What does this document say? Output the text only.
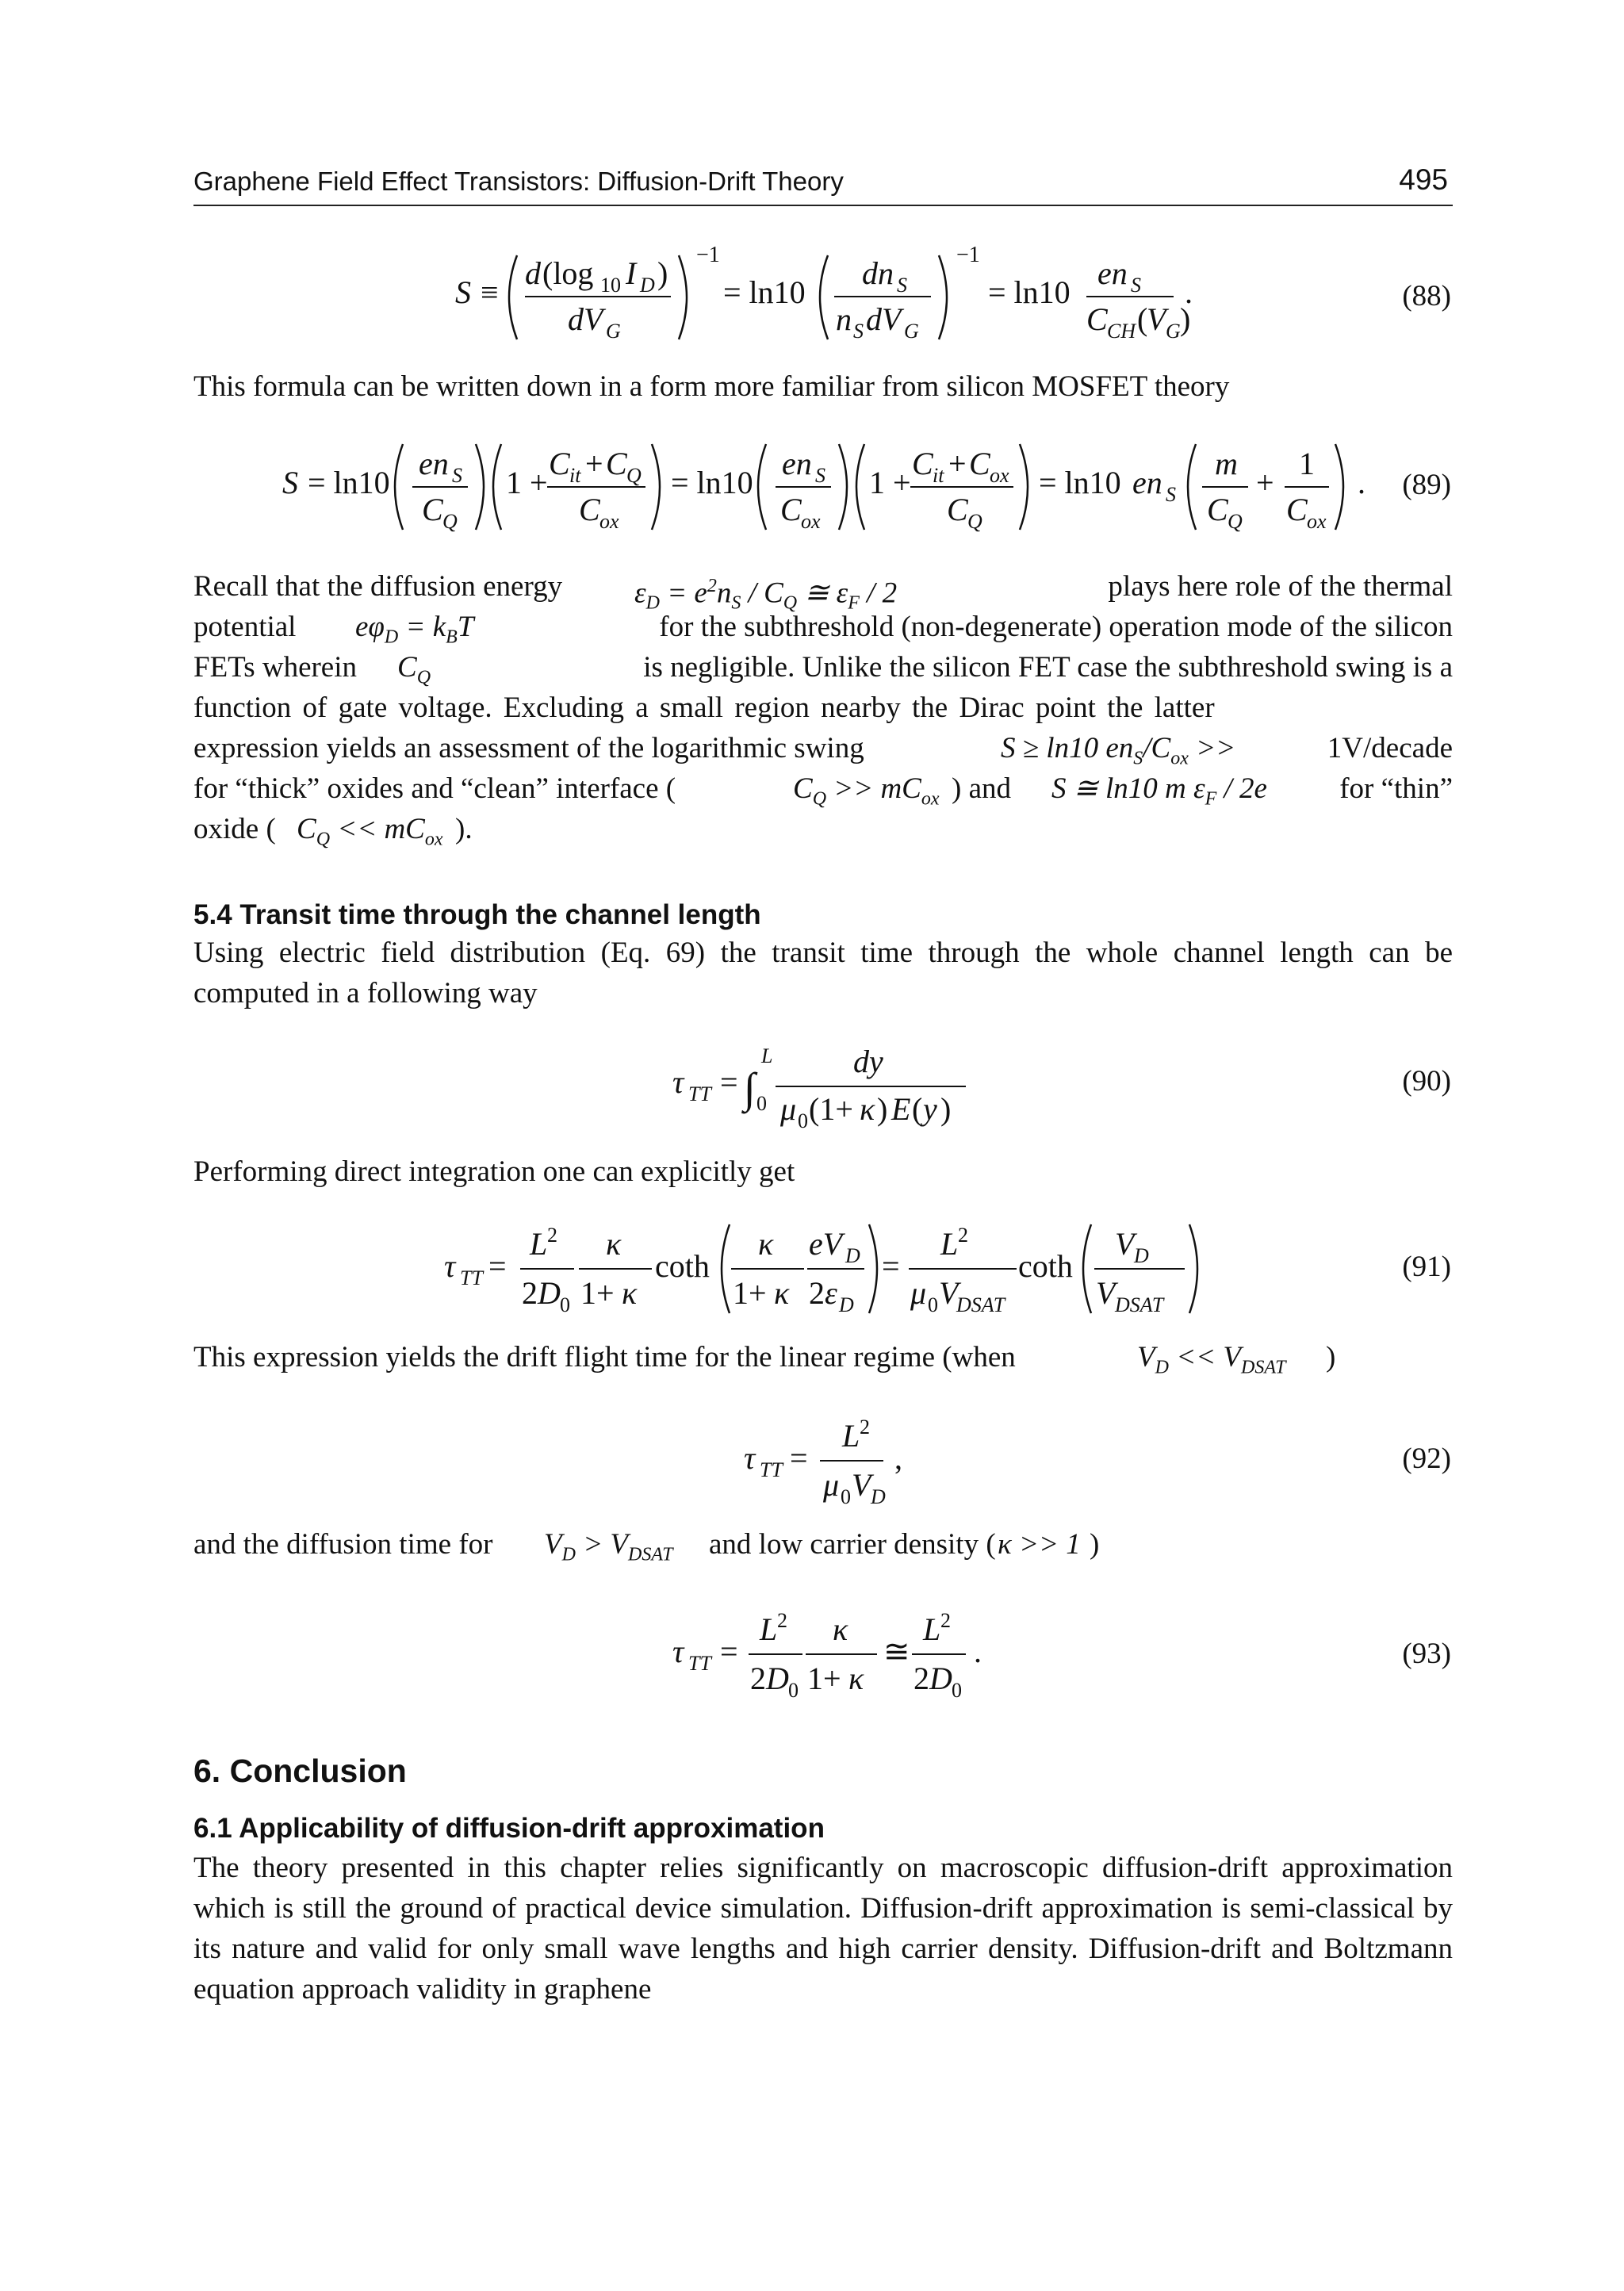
Graphene Field Effect Transistors: Diffusion-Drift Theory	495
S ≡
d (log 10 I D )
dV G
−1
= ln10
dn S
n S dV G
−1
= ln10
en S
C CH (
V G )
.	(88)
This formula can be written down in a form more familiar from silicon MOSFET theory
S = ln10
en S
C Q
1 +
C it + C Q
C ox
= ln10
en S
C ox
1 +
C it + C ox
C Q
= ln10 en S
m
C Q
+
1
C ox
. (89)
Recall that the diffusion energy $\varepsilon_D = e^2n_S / C_Q$ ≅ $\varepsilon_F / 2$	plays here role of the thermal
potential $e\varphi_D = k_BT$	for the subthreshold (non-degenerate) operation mode of the silicon
FETs wherein $C_Q$	is negligible. Unlike the silicon FET case the subthreshold swing is a
function of gate voltage. Excluding a small region nearby the Dirac point the latter
expression yields an assessment of the logarithmic swing	S ≥ ln10 $en_S/C_{ox}$ >>	1V/decade
for “thick” oxides and “clean” interface (	$C_Q >> mC_{ox}$ ) and S ≅ ln10 m $\varepsilon_F / 2e$ for “thin”
oxide ( $C_Q << mC_{ox}$ ).
5.4 Transit time through the channel length
Using electric field distribution (Eq. 69) the transit time through the whole channel length can be computed in a following way
τ TT = ∫
L
0
dy
μ 0 (1+ κ ) E ( y )
(90)
Performing direct integration one can explicitly get
τ TT =
L 2
2 D 0
κ
1+ κ
coth
κ
1+ κ
eV D
2 ε D
=
L 2
μ 0 V
DSAT
coth
V D
V DSAT
(91)
This expression yields the drift flight time for the linear regime (when	$V_D << V_{DSAT}$ )
τ TT =
L 2
μ 0 V D
,	(92)
and the diffusion time for $V_D > V_{DSAT}$ and low carrier density ( κ >> 1 )
τ TT =
L 2
2 D 0
κ
1+ κ
≅
L 2
2 D 0
.	(93)
6. Conclusion
6.1 Applicability of diffusion-drift approximation
The theory presented in this chapter relies significantly on macroscopic diffusion-drift approximation which is still the ground of practical device simulation. Diffusion-drift approximation is semi-classical by its nature and valid for only small wave lengths and high carrier density. Diffusion-drift and Boltzmann equation approach validity in graphene
